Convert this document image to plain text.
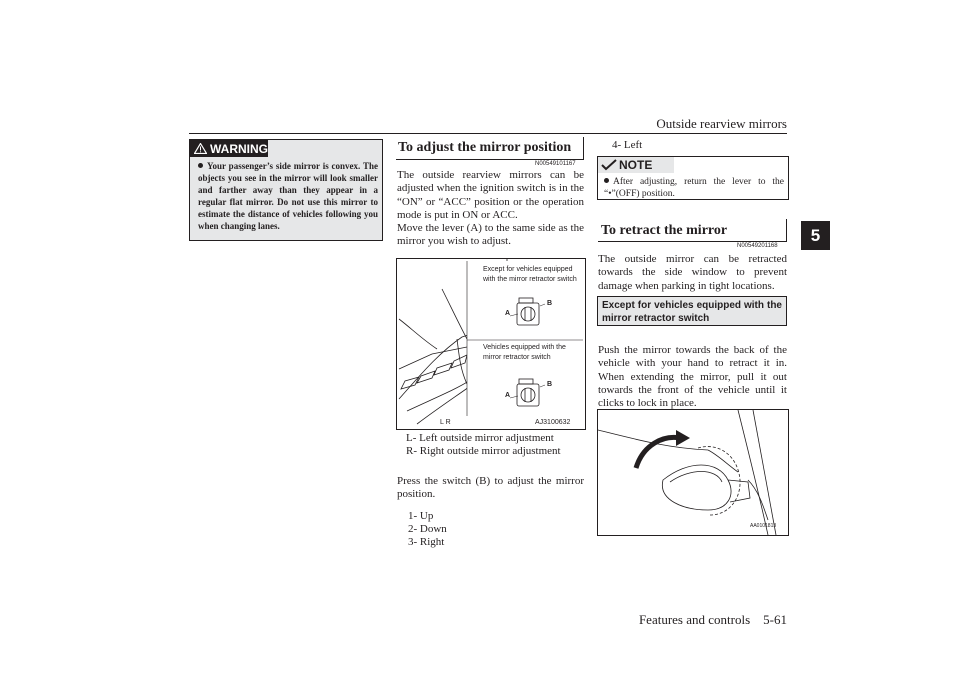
Outside rearview mirrors
5
WARNING
Your passenger’s side mirror is convex. The objects you see in the mirror will look smaller and farther away than they appear in a regular flat mirror. Do not use this mirror to estimate the distance of vehicles following you when changing lanes.
To adjust the mirror position
N00549101167
The outside rearview mirrors can be adjusted when the ignition switch is in the “ON” or “ACC” position or the operation mode is put in ON or ACC.
Move the lever (A) to the same side as the mirror you wish to adjust.
Except for vehicles equipped with the mirror retractor switch
Vehicles equipped with the mirror retractor switch
A
B
A
B
L R	AJ3100632
L- Left outside mirror adjustment
R- Right outside mirror adjustment
Press the switch (B) to adjust the mirror position.
1- Up
2- Down
3- Right
4- Left
NOTE
After adjusting, return the lever to the “•”(OFF) position.
To retract the mirror
N00549201168
The outside mirror can be retracted towards the side window to prevent damage when parking in tight locations.
Except for vehicles equipped with the mirror retractor switch
Push the mirror towards the back of the vehicle with your hand to retract it in. When extending the mirror, pull it out towards the front of the vehicle until it clicks to lock in place.
AA0101813
Features and controls 5-61
